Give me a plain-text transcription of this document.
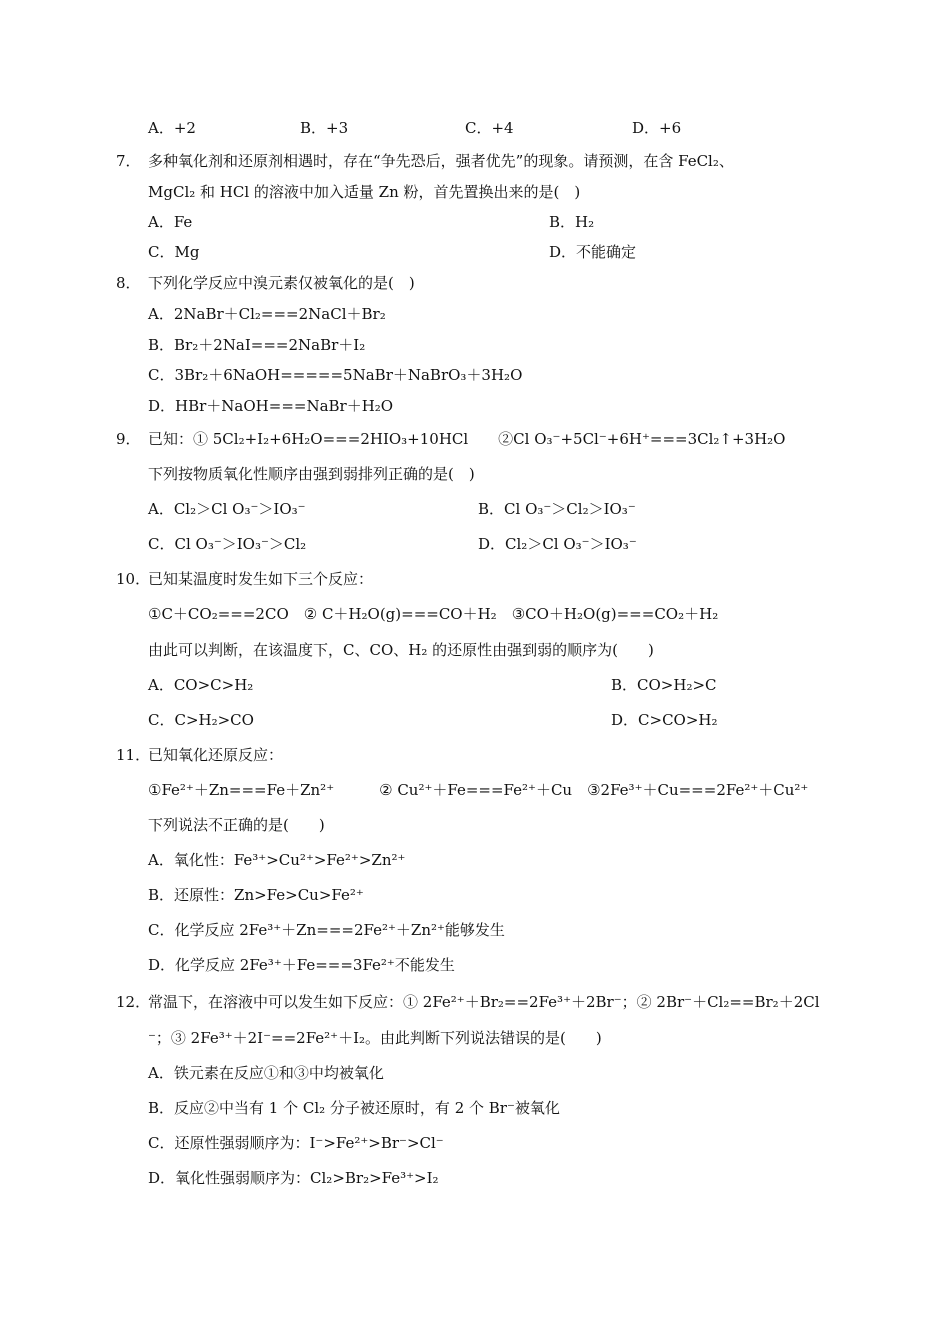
A．+2	B．+3	C．+4	D．+6
7． 多种氧化剂和还原剂相遇时，存在“争先恐后，强者优先”的现象。请预测，在含 FeCl₂、
MgCl₂ 和 HCl 的溶液中加入适量 Zn 粉，首先置换出来的是(　)
A．Fe	B．H₂
C．Mg	D．不能确定
8． 下列化学反应中溴元素仅被氧化的是(　)
A．2NaBr＋Cl₂===2NaCl＋Br₂
B．Br₂＋2NaI===2NaBr＋I₂
C．3Br₂＋6NaOH=====5NaBr＋NaBrO₃＋3H₂O
D．HBr＋NaOH===NaBr＋H₂O
9． 已知：① 5Cl₂+I₂+6H₂O===2HIO₃+10HCl　　②Cl O₃⁻+5Cl⁻+6H⁺===3Cl₂↑+3H₂O
下列按物质氧化性顺序由强到弱排列正确的是(　)
A．Cl₂＞Cl O₃⁻＞IO₃⁻	B．Cl O₃⁻＞Cl₂＞IO₃⁻
C．Cl O₃⁻＞IO₃⁻＞Cl₂	D．Cl₂＞Cl O₃⁻＞IO₃⁻
10．
已知某温度时发生如下三个反应：
①C＋CO₂===2CO　② C＋H₂O(g)===CO＋H₂　③CO＋H₂O(g)===CO₂＋H₂
由此可以判断，在该温度下，C、CO、H₂ 的还原性由强到弱的顺序为(　　)
A．CO>C>H₂	B．CO>H₂>C
C．C>H₂>CO	D．C>CO>H₂
11．
已知氧化还原反应：
①Fe²⁺＋Zn===Fe＋Zn²⁺　　　② Cu²⁺＋Fe===Fe²⁺＋Cu　③2Fe³⁺＋Cu===2Fe²⁺＋Cu²⁺
下列说法不正确的是(　　)
A．氧化性：Fe³⁺>Cu²⁺>Fe²⁺>Zn²⁺
B．还原性：Zn>Fe>Cu>Fe²⁺
C．化学反应 2Fe³⁺＋Zn===2Fe²⁺＋Zn²⁺能够发生
D．化学反应 2Fe³⁺＋Fe===3Fe²⁺不能发生
12．
常温下，在溶液中可以发生如下反应：① 2Fe²⁺＋Br₂==2Fe³⁺＋2Br⁻；② 2Br⁻＋Cl₂==Br₂＋2Cl
⁻；③ 2Fe³⁺＋2I⁻==2Fe²⁺＋I₂。由此判断下列说法错误的是(　　)
A．铁元素在反应①和③中均被氧化
B．反应②中当有 1 个 Cl₂ 分子被还原时，有 2 个 Br⁻被氧化
C．还原性强弱顺序为：I⁻>Fe²⁺>Br⁻>Cl⁻
D．氧化性强弱顺序为：Cl₂>Br₂>Fe³⁺>I₂
